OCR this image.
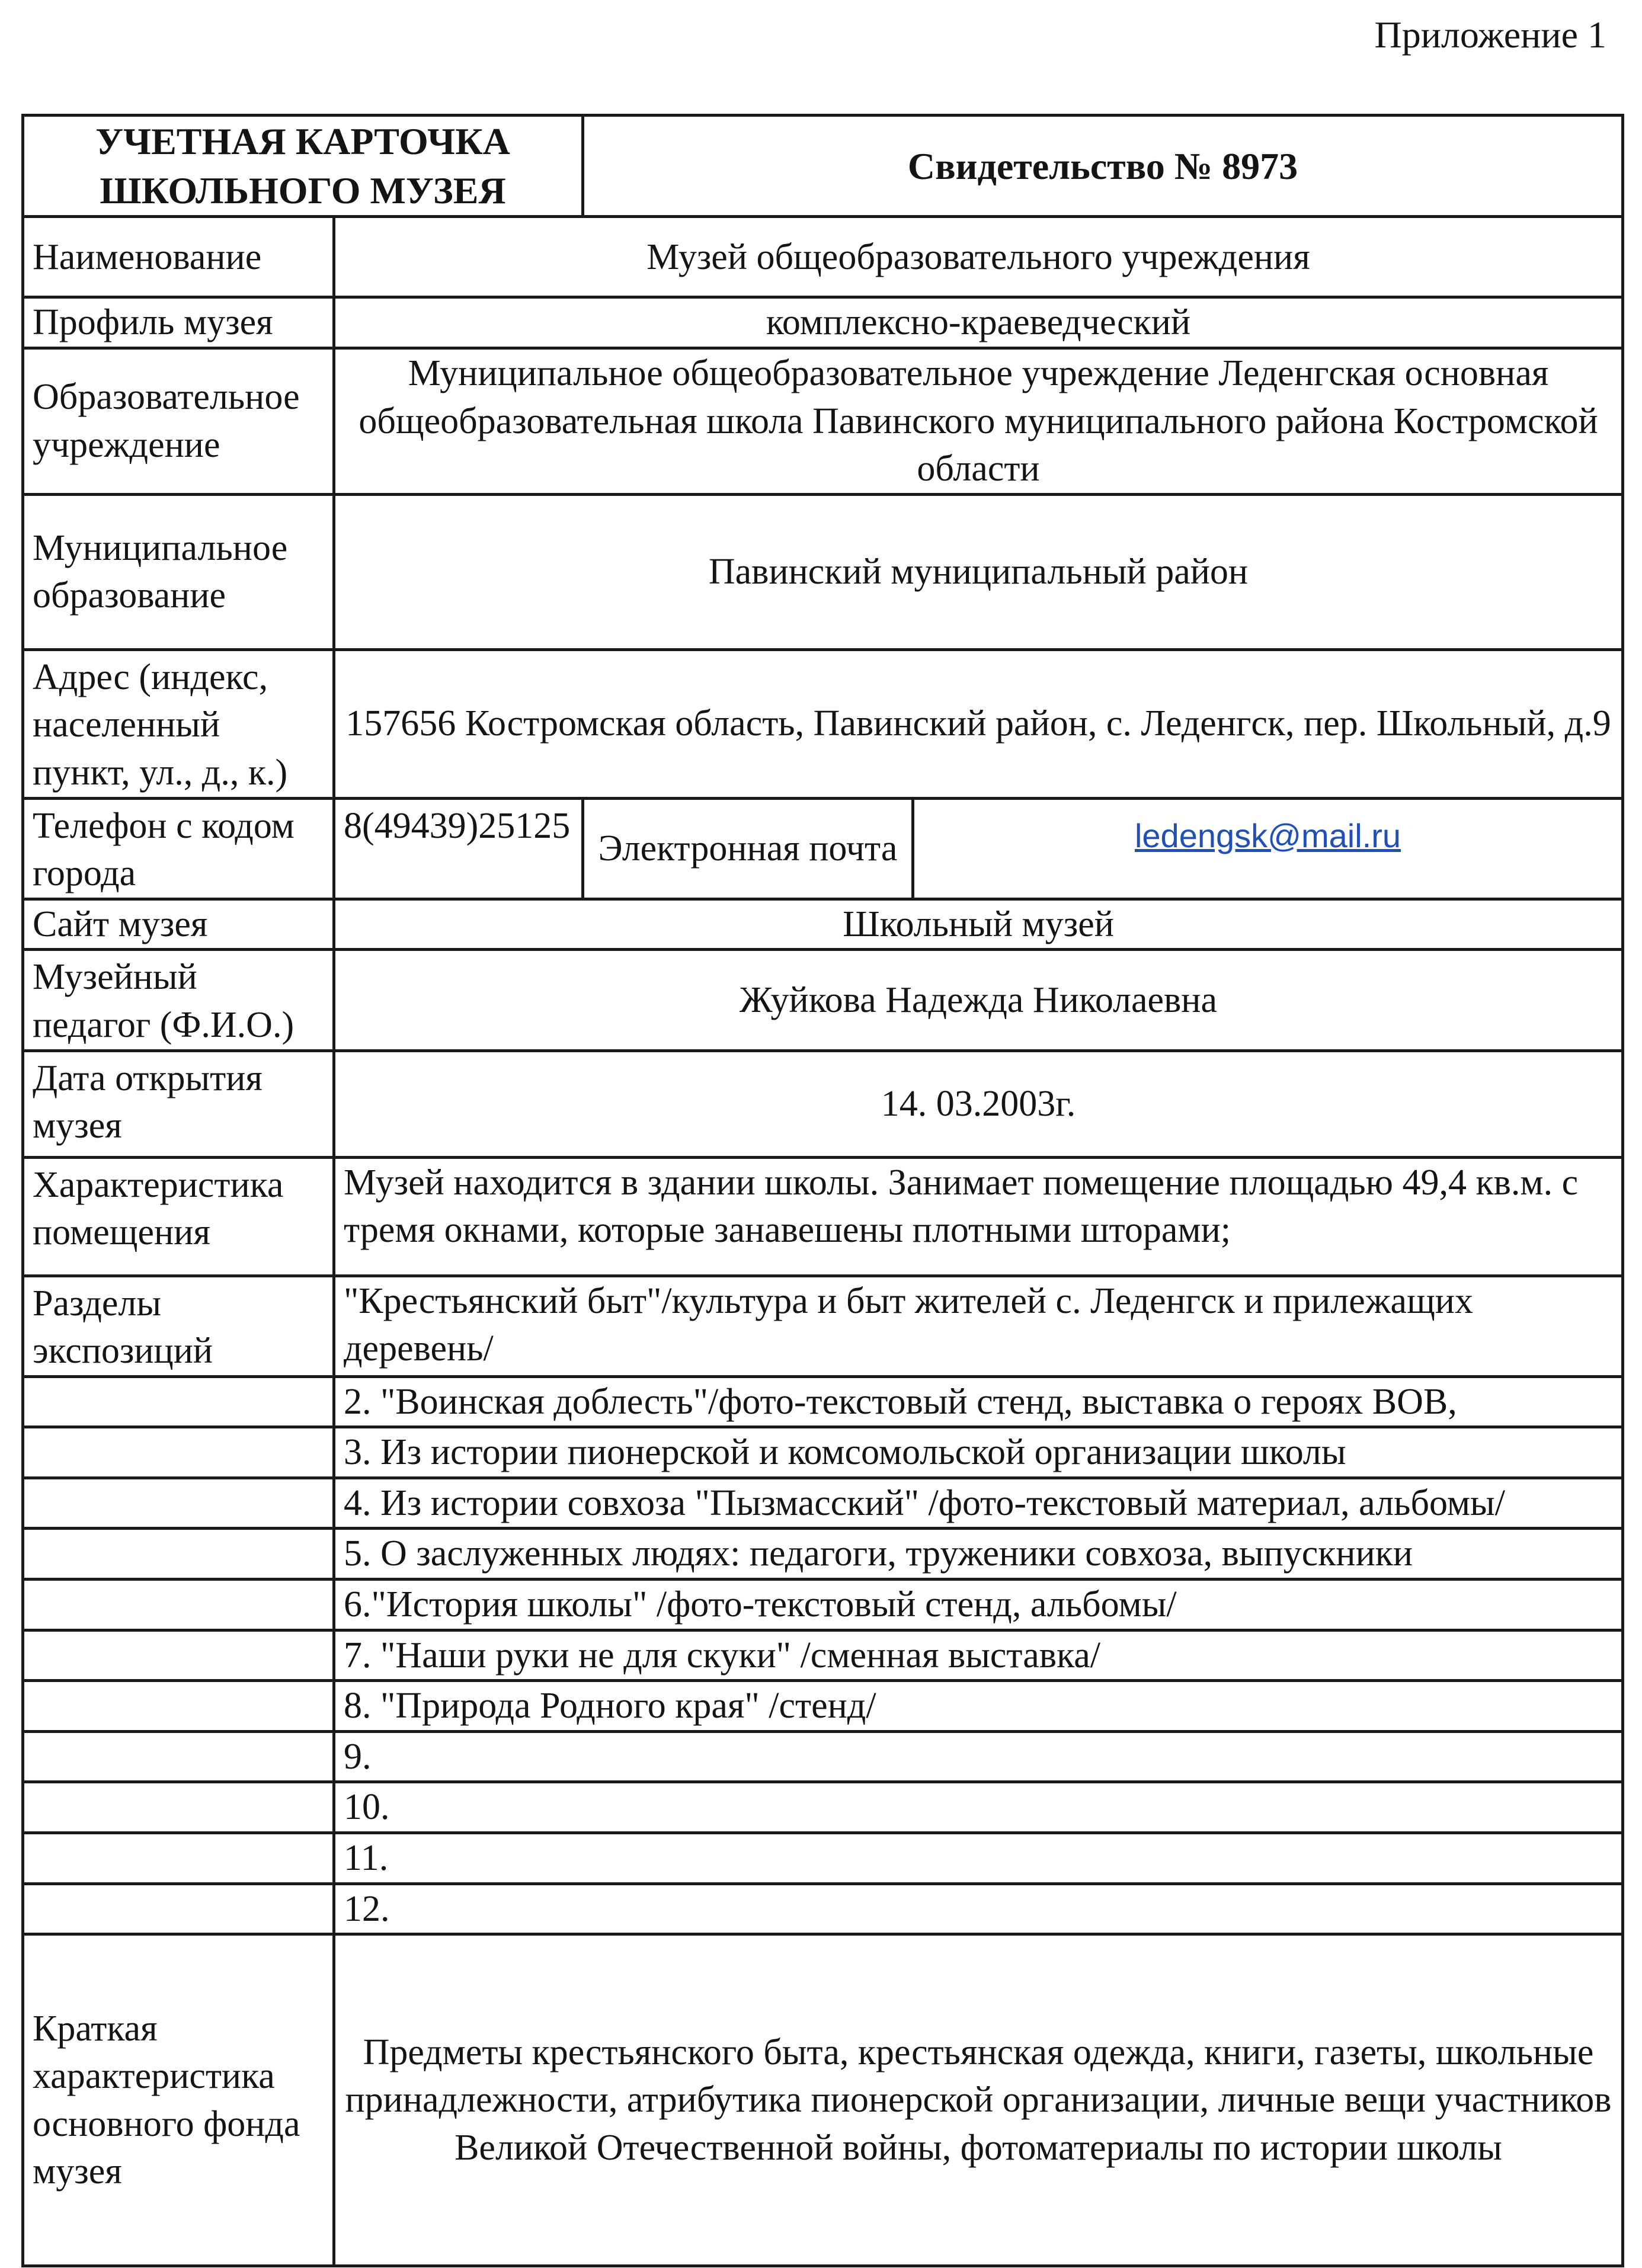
Приложение 1
УЧЕТНАЯ КАРТОЧКА ШКОЛЬНОГО МУЗЕЯ		Свидетельство № 8973	
Наименование	Музей общеобразовательного учреждения		
Профиль музея	комплексно-краеведческий		
Образовательное учреждение	Муниципальное общеобразовательное учреждение Леденгская основная общеобразовательная школа Павинского муниципального района Костромской области		
Муниципальное образование	Павинский муниципальный район		
Адрес (индекс, населенный пункт, ул., д., к.)	157656 Костромская область, Павинский район, с. Леденгск, пер. Школьный, д.9		
Телефон с кодом города	8(49439)25125	Электронная почта	ledengsk@mail.ru
Сайт музея	Школьный музей		
Музейный педагог (Ф.И.О.)	Жуйкова Надежда Николаевна		
Дата открытия музея	14. 03.2003г.		
Характеристика помещения	Музей находится в здании школы. Занимает помещение площадью 49,4 кв.м. с тремя окнами, которые занавешены плотными шторами;		
Разделы экспозиций	"Крестьянский быт"/культура и быт жителей с. Леденгск и прилежащих деревень/		
	2. "Воинская доблесть"/фото-текстовый стенд, выставка о героях ВОВ,		
	3. Из истории пионерской и комсомольской организации школы		
	4. Из истории совхоза "Пызмасский" /фото-текстовый материал, альбомы/		
	5. О заслуженных людях: педагоги, труженики совхоза, выпускники		
	6."История школы" /фото-текстовый стенд, альбомы/		
	7. "Наши руки не для скуки" /сменная выставка/		
	8. "Природа Родного края" /стенд/		
	9.		
	10.		
	11.		
	12.		
Краткая характеристика основного фонда музея	Предметы крестьянского быта, крестьянская одежда, книги, газеты, школьные принадлежности, атрибутика пионерской организации, личные вещи участников Великой Отечественной войны, фотоматериалы по истории школы		
